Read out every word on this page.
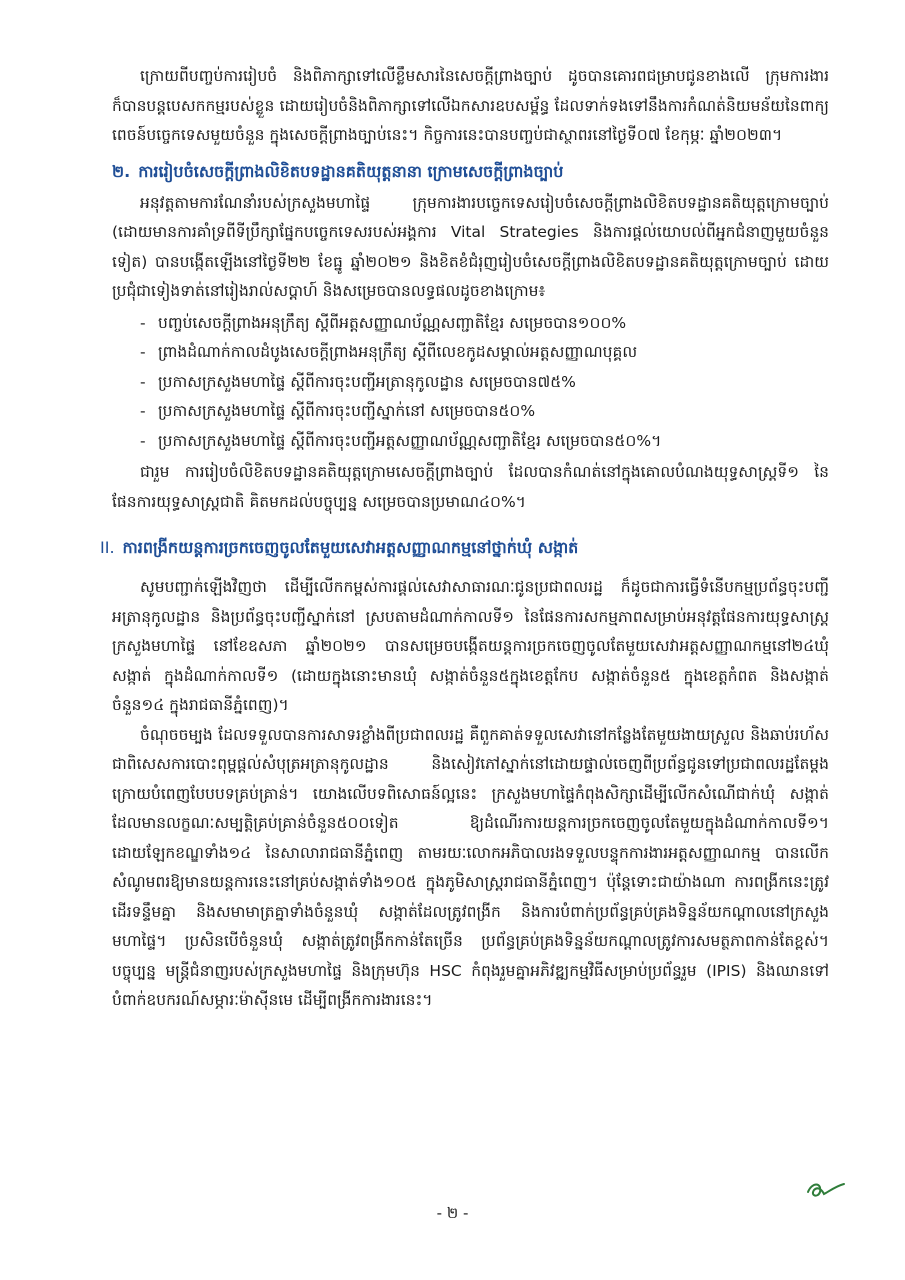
ក្រោយពីបញ្ចប់ការរៀបចំ និងពិភាក្សាទៅលើខ្លឹមសារនៃសេចក្ដីព្រាងច្បាប់ ដូចបានគោរពជម្រាបជូនខាងលើ ក្រុមការងារក៏បានបន្តបេសកកម្មរបស់ខ្លួន ដោយរៀបចំនិងពិភាក្សាទៅលើឯកសារឧបសម្ព័ន្ធ ដែលទាក់ទងទៅនឹងការកំណត់និយមន័យនៃពាក្យពេចន៍បច្ចេកទេសមួយចំនួន ក្នុងសេចក្ដីព្រាងច្បាប់នេះ។ កិច្ចការនេះបានបញ្ចប់ជាស្ថាពរនៅថ្ងៃទី០៧ ខែកុម្ភៈ ឆ្នាំ២០២៣។

២. ការរៀបចំសេចក្ដីព្រាងលិខិតបទដ្ឋានគតិយុត្តនានា ក្រោមសេចក្ដីព្រាងច្បាប់

អនុវត្តតាមការណែនាំរបស់ក្រសួងមហាផ្ទៃ ក្រុមការងារបច្ចេកទេសរៀបចំសេចក្ដីព្រាងលិខិតបទដ្ឋានគតិយុត្តក្រោមច្បាប់ (ដោយមានការគាំទ្រពីទីប្រឹក្សាផ្នែកបច្ចេកទេសរបស់អង្គការ Vital Strategies និងការផ្ដល់យោបល់ពីអ្នកជំនាញមួយចំនួនទៀត) បានបង្កើតឡើងនៅថ្ងៃទី២២ ខែធ្នូ ឆ្នាំ២០២១ និងខិតខំជំរុញរៀបចំសេចក្ដីព្រាងលិខិតបទដ្ឋានគតិយុត្តក្រោមច្បាប់ ដោយប្រជុំជាទៀងទាត់នៅរៀងរាល់សប្ដាហ៍ និងសម្រេចបានលទ្ធផលដូចខាងក្រោម៖

- បញ្ចប់សេចក្ដីព្រាងអនុក្រឹត្យ ស្ដីពីអត្តសញ្ញាណប័ណ្ណសញ្ជាតិខ្មែរ សម្រេចបាន១០០%
- ព្រាងដំណាក់កាលដំបូងសេចក្ដីព្រាងអនុក្រឹត្យ ស្ដីពីលេខកូដសម្គាល់អត្តសញ្ញាណបុគ្គល
- ប្រកាសក្រសួងមហាផ្ទៃ ស្ដីពីការចុះបញ្ជីអត្រានុកូលដ្ឋាន សម្រេចបាន៧៥%
- ប្រកាសក្រសួងមហាផ្ទៃ ស្ដីពីការចុះបញ្ជីស្នាក់នៅ សម្រេចបាន៥០%
- ប្រកាសក្រសួងមហាផ្ទៃ ស្ដីពីការចុះបញ្ជីអត្តសញ្ញាណប័ណ្ណសញ្ជាតិខ្មែរ សម្រេចបាន៥០%។

ជារួម ការរៀបចំលិខិតបទដ្ឋានគតិយុត្តក្រោមសេចក្ដីព្រាងច្បាប់ ដែលបានកំណត់នៅក្នុងគោលបំណងយុទ្ធសាស្ត្រទី១ នៃផែនការយុទ្ធសាស្ត្រជាតិ គិតមកដល់បច្ចុប្បន្ន សម្រេចបានប្រមាណ៤០%។

II. ការពង្រីកយន្តការច្រកចេញចូលតែមួយសេវាអត្តសញ្ញាណកម្មនៅថ្នាក់ឃុំ សង្កាត់

សូមបញ្ជាក់ឡើងវិញថា ដើម្បីលើកកម្ពស់ការផ្ដល់សេវាសាធារណៈជូនប្រជាពលរដ្ឋ ក៏ដូចជាការធ្វើទំនើបកម្មប្រព័ន្ធចុះបញ្ជីអត្រានុកូលដ្ឋាន និងប្រព័ន្ធចុះបញ្ជីស្នាក់នៅ ស្របតាមដំណាក់កាលទី១ នៃផែនការសកម្មភាពសម្រាប់អនុវត្តផែនការយុទ្ធសាស្ត្រ ក្រសួងមហាផ្ទៃ នៅខែឧសភា ឆ្នាំ២០២១ បានសម្រេចបង្កើតយន្តការច្រកចេញចូលតែមួយសេវាអត្តសញ្ញាណកម្មនៅ២៤ឃុំ សង្កាត់ ក្នុងដំណាក់កាលទី១ (ដោយក្នុងនោះមានឃុំ សង្កាត់ចំនួន៥ក្នុងខេត្តកែប សង្កាត់ចំនួន៥ ក្នុងខេត្តកំពត និងសង្កាត់ចំនួន១៤ ក្នុងរាជធានីភ្នំពេញ)។

ចំណុចចម្បង ដែលទទួលបានការសាទរខ្លាំងពីប្រជាពលរដ្ឋ គឺពួកគាត់ទទួលសេវានៅកន្លែងតែមួយងាយស្រួល និងឆាប់រហ័ស ជាពិសេសការបោះពុម្ពផ្ដល់សំបុត្រអត្រានុកូលដ្ឋាន និងសៀវភៅស្នាក់នៅដោយផ្ទាល់ចេញពីប្រព័ន្ធជូនទៅប្រជាពលរដ្ឋតែម្ដង ក្រោយបំពេញបែបបទគ្រប់គ្រាន់។ យោងលើបទពិសោធន៍ល្អនេះ ក្រសួងមហាផ្ទៃកំពុងសិក្សាដើម្បីលើកសំណើជាក់ឃុំ សង្កាត់ ដែលមានលក្ខណៈសម្បត្តិគ្រប់គ្រាន់ចំនួន៥០០ទៀត ឱ្យដំណើរការយន្តការច្រកចេញចូលតែមួយក្នុងដំណាក់កាលទី១។ ដោយឡែកខណ្ឌទាំង១៤ នៃសាលារាជធានីភ្នំពេញ តាមរយៈលោកអភិបាលរងទទួលបន្ទុកការងារអត្តសញ្ញាណកម្ម បានលើកសំណូមពរឱ្យមានយន្តការនេះនៅគ្រប់សង្កាត់ទាំង១០៥ ក្នុងភូមិសាស្ត្ររាជធានីភ្នំពេញ។ ប៉ុន្តែទោះជាយ៉ាងណា ការពង្រីកនេះត្រូវដើរទន្ទឹមគ្នា និងសមាមាត្រគ្នាទាំងចំនួនឃុំ សង្កាត់ដែលត្រូវពង្រីក និងការបំពាក់ប្រព័ន្ធគ្រប់គ្រងទិន្នន័យកណ្ដាលនៅក្រសួងមហាផ្ទៃ។ ប្រសិនបើចំនួនឃុំ សង្កាត់ត្រូវពង្រីកកាន់តែច្រើន ប្រព័ន្ធគ្រប់គ្រងទិន្នន័យកណ្ដាលត្រូវការសមត្ថភាពកាន់តែខ្ពស់។ បច្ចុប្បន្ន មន្ត្រីជំនាញរបស់ក្រសួងមហាផ្ទៃ និងក្រុមហ៊ុន HSC កំពុងរួមគ្នាអភិវឌ្ឍកម្មវិធីសម្រាប់ប្រព័ន្ធរួម (IPIS) និងឈានទៅបំពាក់ឧបករណ៍សម្ភារៈម៉ាស៊ីនមេ ដើម្បីពង្រីកការងារនេះ។

- ២ -
